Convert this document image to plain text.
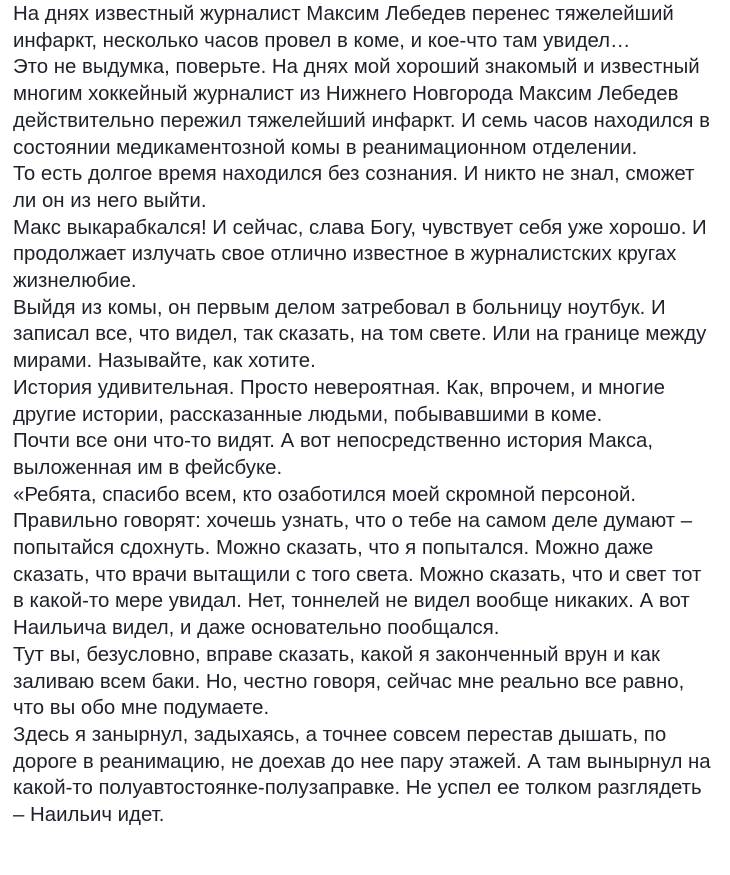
На днях известный журналист Максим Лебедев перенес тяжелейший инфаркт, несколько часов провел в коме, и кое-что там увидел…

Это не выдумка, поверьте. На днях мой хороший знакомый и известный многим хоккейный журналист из Нижнего Новгорода Максим Лебедев действительно пережил тяжелейший инфаркт. И семь часов находился в состоянии медикаментозной комы в реанимационном отделении.

То есть долгое время находился без сознания. И никто не знал, сможет ли он из него выйти.

Макс выкарабкался! И сейчас, слава Богу, чувствует себя уже хорошо. И продолжает излучать свое отлично известное в журналистских кругах жизнелюбие.

Выйдя из комы, он первым делом затребовал в больницу ноутбук. И записал все, что видел, так сказать, на том свете. Или на границе между мирами. Называйте, как хотите.

История удивительная. Просто невероятная. Как, впрочем, и многие другие истории, рассказанные людьми, побывавшими в коме.

Почти все они что-то видят. А вот непосредственно история Макса, выложенная им в фейсбуке.

«Ребята, спасибо всем, кто озаботился моей скромной персоной. Правильно говорят: хочешь узнать, что о тебе на самом деле думают – попытайся сдохнуть. Можно сказать, что я попытался. Можно даже сказать, что врачи вытащили с того света. Можно сказать, что и свет тот в какой-то мере увидал. Нет, тоннелей не видел вообще никаких. А вот Наильича видел, и даже основательно пообщался.

Тут вы, безусловно, вправе сказать, какой я законченный врун и как заливаю всем баки. Но, честно говоря, сейчас мне реально все равно, что вы обо мне подумаете.

Здесь я занырнул, задыхаясь, а точнее совсем перестав дышать, по дороге в реанимацию, не доехав до нее пару этажей. А там вынырнул на какой-то полуавтостоянке-полузаправке. Не успел ее толком разглядеть – Наильич идет.
